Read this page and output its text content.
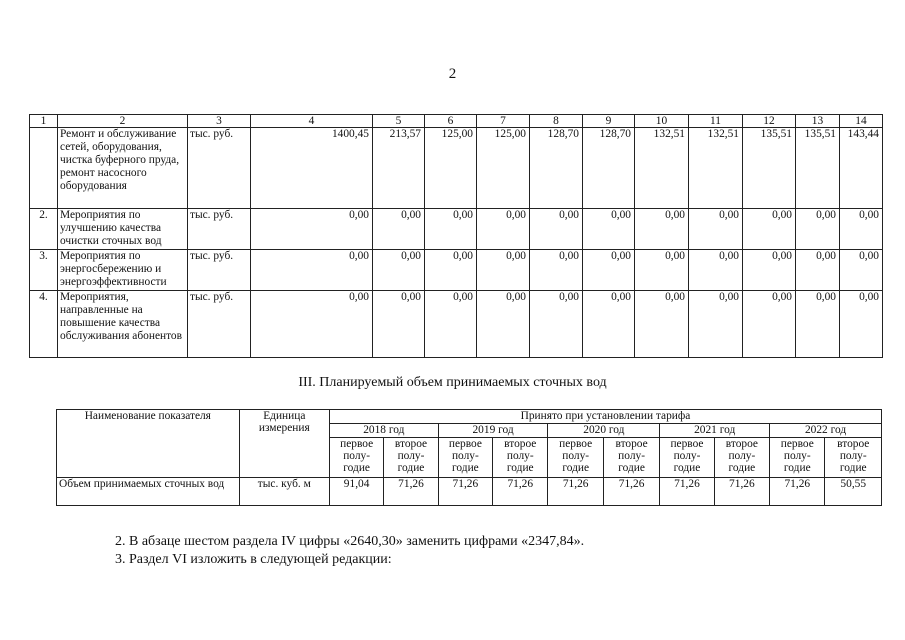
2
1	2	3	4	5	6	7	8	9	10	11	12	13	14
	Ремонт и обслуживание сетей, оборудования, чистка буферного пруда, ремонт насосного оборудования	тыс. руб.	1400,45	213,57	125,00	125,00	128,70	128,70	132,51	132,51	135,51	135,51	143,44
2.	Мероприятия по улучшению качества очистки сточных вод	тыс. руб.	0,00	0,00	0,00	0,00	0,00	0,00	0,00	0,00	0,00	0,00	0,00
3.	Мероприятия по энергосбережению и энергоэффективности	тыс. руб.	0,00	0,00	0,00	0,00	0,00	0,00	0,00	0,00	0,00	0,00	0,00
4.	Мероприятия, направленные на повышение качества обслуживания абонентов	тыс. руб.	0,00	0,00	0,00	0,00	0,00	0,00	0,00	0,00	0,00	0,00	0,00
III. Планируемый объем принимаемых сточных вод
Наименование показателя	Единица измерения	Принято при установлении тарифа									
		2018 год		2019 год		2020 год		2021 год		2022 год	
		первое полу-годие	второе полу-годие	первое полу-годие	второе полу-годие	первое полу-годие	второе полу-годие	первое полу-годие	второе полу-годие	первое полу-годие	второе полу-годие
Объем принимаемых сточных вод	тыс. куб. м	91,04	71,26	71,26	71,26	71,26	71,26	71,26	71,26	71,26	50,55
2. В абзаце шестом раздела IV цифры «2640,30» заменить цифрами «2347,84».
3. Раздел VI изложить в следующей редакции:
